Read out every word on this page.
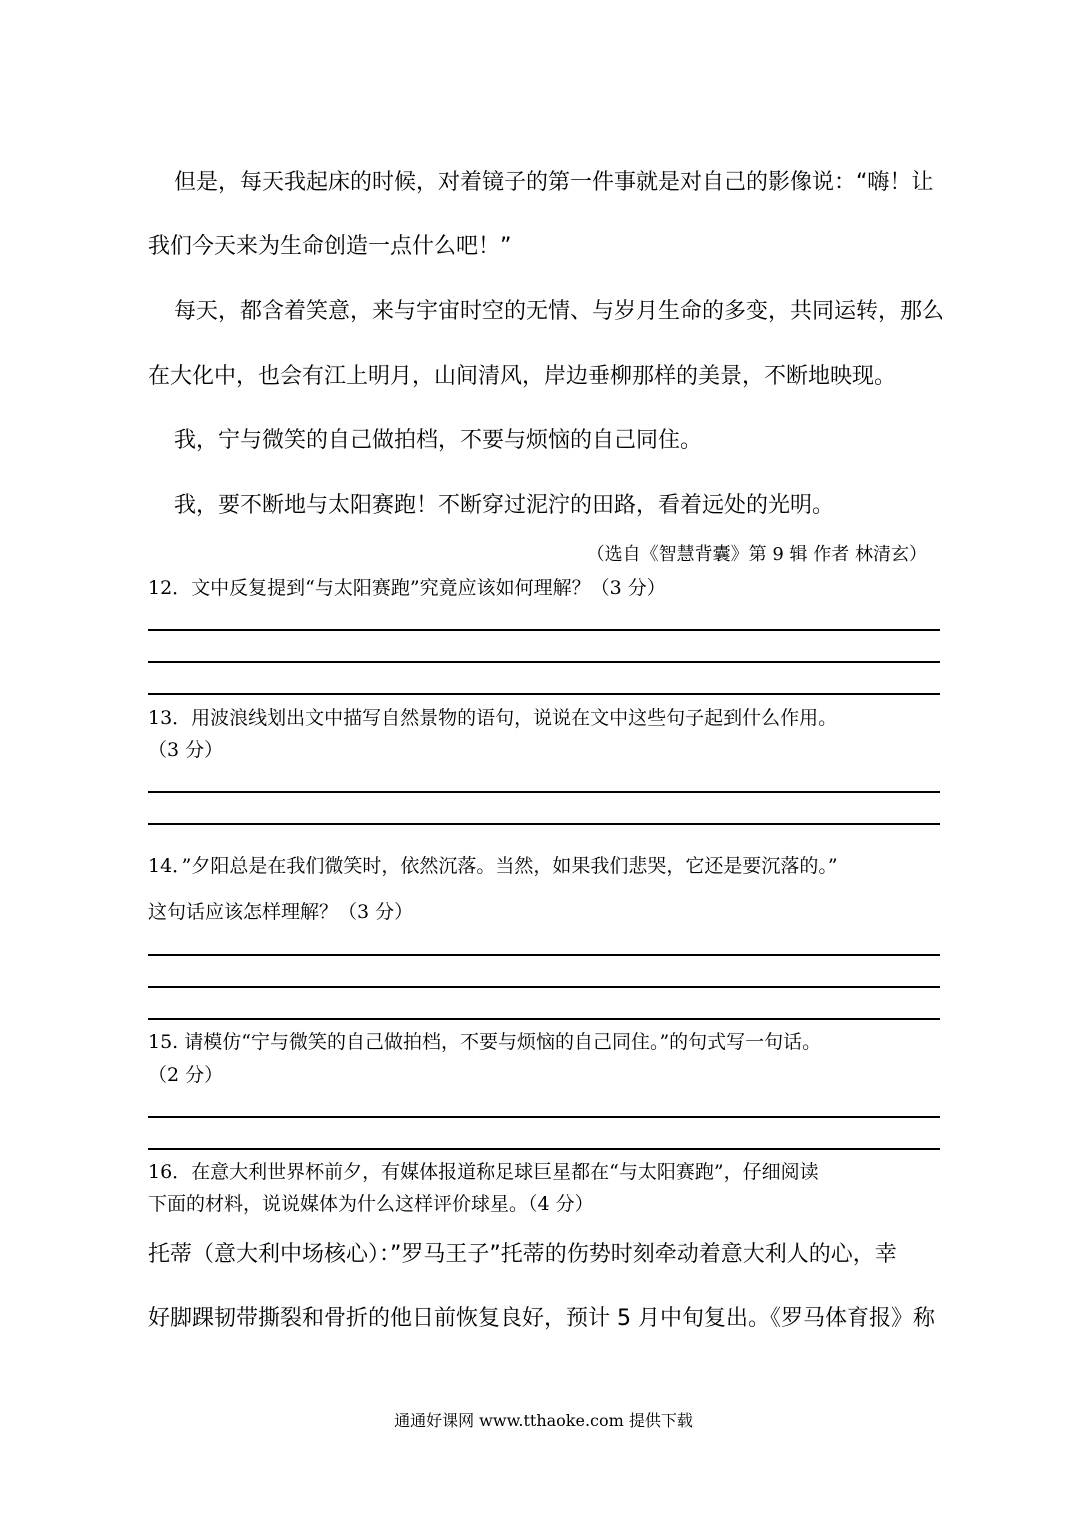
但是，每天我起床的时候，对着镜子的第一件事就是对自己的影像说：“嗨！让

我们今天来为生命创造一点什么吧！”

每天，都含着笑意，来与宇宙时空的无情、与岁月生命的多变，共同运转，那么

在大化中，也会有江上明月，山间清风，岸边垂柳那样的美景，不断地映现。

我，宁与微笑的自己做拍档，不要与烦恼的自己同住。

我，要不断地与太阳赛跑！不断穿过泥泞的田路，看着远处的光明。

（选自《智慧背囊》第 9 辑 作者 林清玄）

12．文中反复提到“与太阳赛跑”究竟应该如何理解？（3 分）

13．用波浪线划出文中描写自然景物的语句，说说在文中这些句子起到什么作用。

（3 分）

14．”夕阳总是在我们微笑时，依然沉落。当然，如果我们悲哭，它还是要沉落的。”

这句话应该怎样理解？（3 分）

15. 请模仿“宁与微笑的自己做拍档，不要与烦恼的自己同住。”的句式写一句话。

（2 分）

16．在意大利世界杯前夕，有媒体报道称足球巨星都在“与太阳赛跑”，仔细阅读

下面的材料，说说媒体为什么这样评价球星。（4 分）

托蒂（意大利中场核心）：”罗马王子”托蒂的伤势时刻牵动着意大利人的心，幸

好脚踝韧带撕裂和骨折的他日前恢复良好，预计 5 月中旬复出。《罗马体育报》称

通通好课网 www.tthaoke.com 提供下载
